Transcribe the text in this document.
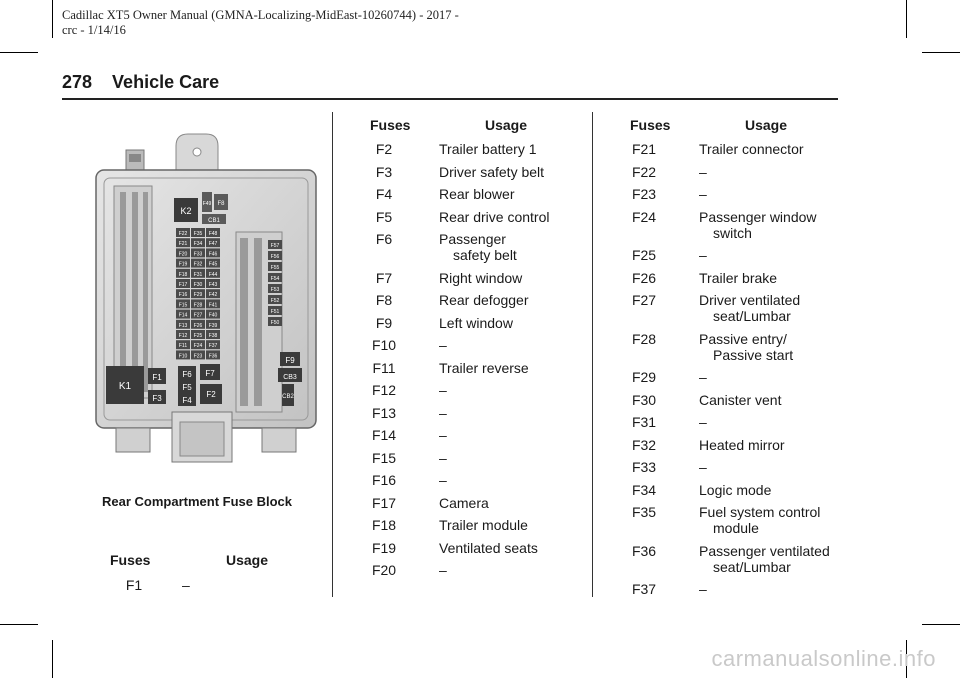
Cadillac XT5 Owner Manual (GMNA-Localizing-MidEast-10260744) - 2017 -
crc - 1/14/16
278 Vehicle Care
K2
F49 F8
CB1
F22
F21
F20
F19
F18
F17
F16
F15
F14
F13
F12
F11
F10
F35
F34
F33
F32
F31
F30
F29
F28
F27
F26
F25
F24
F23
F48
F47
F46
F45
F44
F43
F42
F41
F40
F39
F38
F37
F36
F57
F56
F55
F54
F53
F52
F51
F50
K1
F1
F3
F6 F7
F5
F4
F2
F9
CB3
CB2
Rear Compartment Fuse Block
Fuses	Usage
F1	–
Fuses	Usage
F2	Trailer battery 1
F3	Driver safety belt
F4	Rear blower
F5	Rear drive control
F6	Passenger
safety belt
F7	Right window
F8	Rear defogger
F9	Left window
F10	–
F11	Trailer reverse
F12	–
F13	–
F14	–
F15	–
F16	–
F17	Camera
F18	Trailer module
F19	Ventilated seats
F20	–
Fuses	Usage
F21	Trailer connector
F22	–
F23	–
F24	Passenger window
switch
F25	–
F26	Trailer brake
F27	Driver ventilated
seat/Lumbar
F28	Passive entry/
Passive start
F29	–
F30	Canister vent
F31	–
F32	Heated mirror
F33	–
F34	Logic mode
F35	Fuel system control
module
F36	Passenger ventilated
seat/Lumbar
F37	–
carmanualsonline.info
